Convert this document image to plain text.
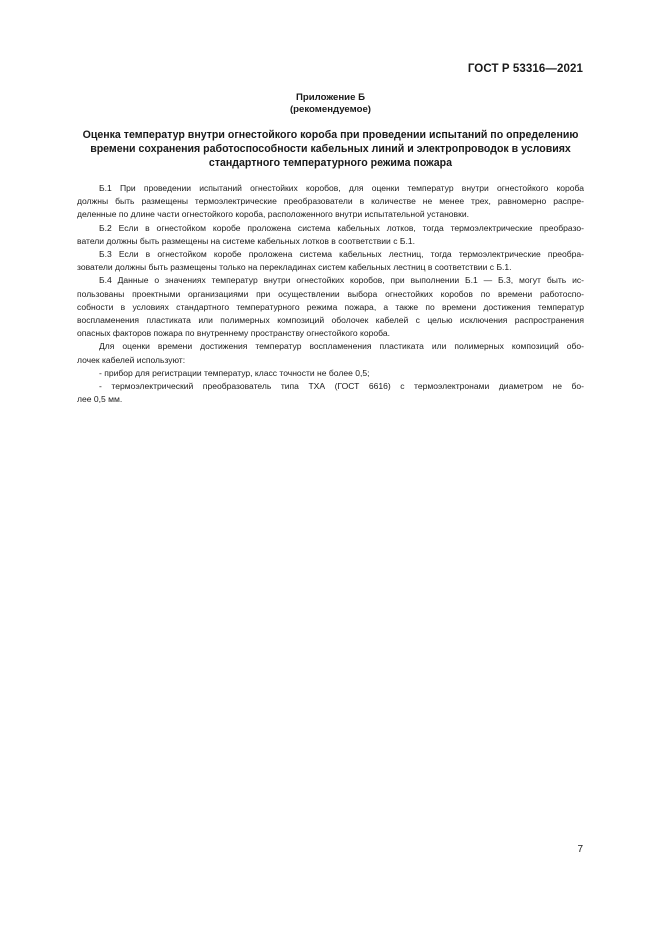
ГОСТ Р 53316—2021
Приложение Б
(рекомендуемое)
Оценка температур внутри огнестойкого короба при проведении испытаний по определению
времени сохранения работоспособности кабельных линий и электропроводок в условиях
стандартного температурного режима пожара
Б.1 При проведении испытаний огнестойких коробов, для оценки температур внутри огнестойкого короба
должны быть размещены термоэлектрические преобразователи в количестве не менее трех, равномерно распре-
деленные по длине части огнестойкого короба, расположенного внутри испытательной установки.
Б.2 Если в огнестойком коробе проложена система кабельных лотков, тогда термоэлектрические преобразо-
ватели должны быть размещены на системе кабельных лотков в соответствии с Б.1.
Б.3 Если в огнестойком коробе проложена система кабельных лестниц, тогда термоэлектрические преобра-
зователи должны быть размещены только на перекладинах систем кабельных лестниц в соответствии с Б.1.
Б.4 Данные о значениях температур внутри огнестойких коробов, при выполнении Б.1 — Б.3, могут быть ис-
пользованы проектными организациями при осуществлении выбора огнестойких коробов по времени работоспо-
собности в условиях стандартного температурного режима пожара, а также по времени достижения температур
воспламенения пластиката или полимерных композиций оболочек кабелей с целью исключения распространения
опасных факторов пожара по внутреннему пространству огнестойкого короба.
Для оценки времени достижения температур воспламенения пластиката или полимерных композиций обо-
лочек кабелей используют:
- прибор для регистрации температур, класс точности не более 0,5;
- термоэлектрический преобразователь типа ТХА (ГОСТ 6616) с термоэлектронами диаметром не бо-
лее 0,5 мм.
7
